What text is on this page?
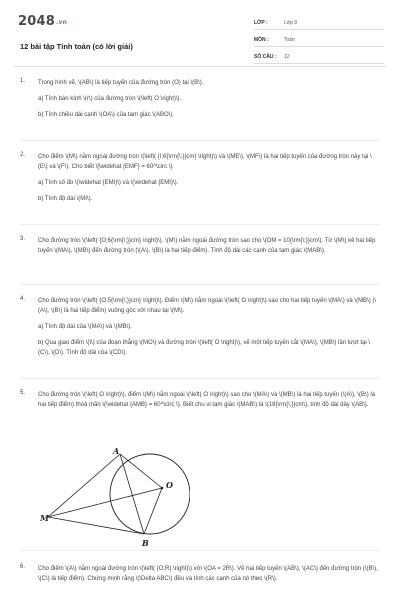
2048.vn
12 bài tập Tính toán (có lời giải)
LỚP :	Lớp 9
MÔN :	Toán
SỐ CÂU :	12
1. Trong hình vẽ, \(AB\) là tiếp tuyến của đường tròn (O) tại \(B\).

a) Tính bán kính \(r\) của đường tròn \(\left( O \right)\).

b) Tính chiều dài cạnh \(OA\) của tam giác \(ABO\).

2. Cho điểm \(M\) nằm ngoài đường tròn \(\left( {I;6{\rm{\;}}cm} \right)\) và \(ME\), \(MF\) là hai tiếp tuyến của đường tròn này tại \(E\) và \(F\). Cho biết \[\widehat {EMF} = 60^\circ \].

a) Tính số đo \(\widehat {EMI}\) và \(\widehat {EMI}\).

b) Tính độ dài \(MI\).

3. Cho đường tròn \(\left( {O;6{\rm{\;}}cm} \right)\). \(M\) nằm ngoài đường tròn sao cho \(OM = 10{\rm{\;}}cm\). Từ \(M\) kẻ hai tiếp tuyến \(MA\), \(MB\) đến đường tròn (\(A\), \(B\) là hai tiếp điểm). Tính độ dài các cạnh của tam giác \(MAB\).

4. Cho đường tròn \(\left( {O;5{\rm{\;}}cm} \right)\). Điểm \(M\) nằm ngoài \(\left( O \right)\) sao cho hai tiếp tuyến \(MA\) và \(MB\) (\(A\), \(B\) là hai tiếp điểm) vuông góc với nhau tại \(M\).

a) Tính độ dài của \(MA\) và \(MB\).

b) Qua giao điểm \(I\) của đoạn thẳng \(MO\) và đường tròn \(\left( O \right)\), vẽ một tiếp tuyến cắt \(MA\), \(MB\) lần lượt tại \(C\), \(D\). Tính độ dài của \(CD\).

5. Cho đường tròn \(\left( O \right)\), điểm \(M\) nằm ngoài \(\left( O \right)\) sao cho \(MA\) và \(MB\) là hai tiếp tuyến (\(A\), \(B\) là hai tiếp điểm) thoả mãn \(\widehat {AMB} = 60^\circ \). Biết chu vi tam giác \(MAB\) là \(18{\rm{\;}}cm\), tính độ dài dây \(AB\).

6. Cho điểm \(A\) nằm ngoài đường tròn \(\left( {O;R} \right)\) với \(OA = 2R\). Vẽ hai tiếp tuyến \(AB\), \(AC\) đến đường tròn (\(B\), \(C\) là tiếp điểm). Chứng minh rằng \(\Delta ABC\) đều và tính các cạnh của nó theo \(R\).

A
O
M
B
